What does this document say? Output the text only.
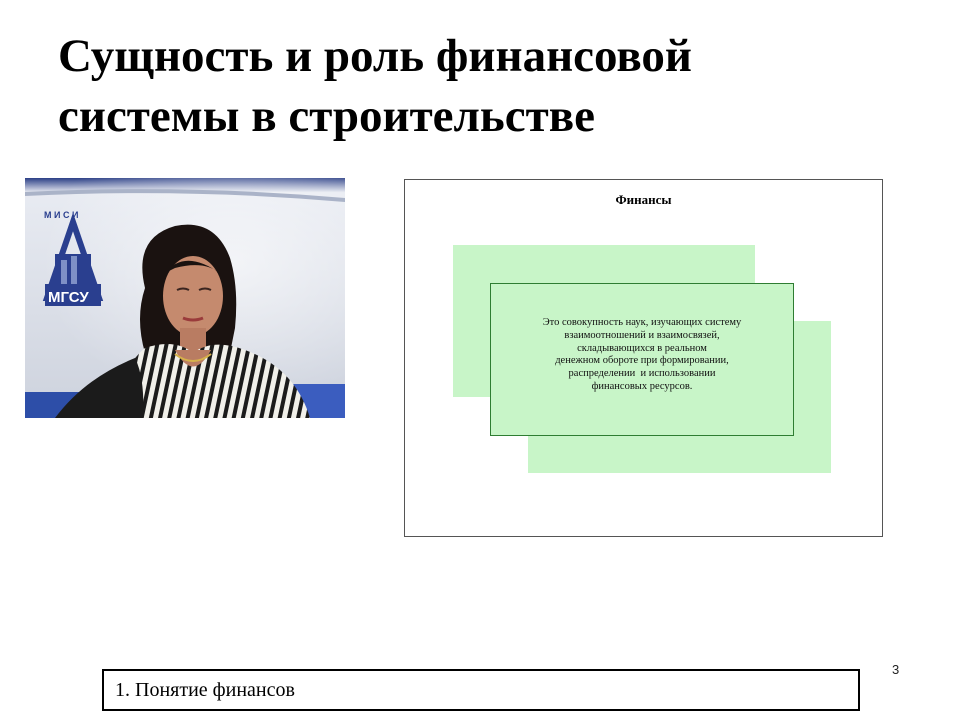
Сущность и роль финансовой
системы в строительстве
М И С И
МГСУ
Финансы
Это совокупность наук, изучающих систему
взаимоотношений и взаимосвязей,
складывающихся в реальном
денежном обороте при формировании,
распределении  и использовании
финансовых ресурсов.
3
1. Понятие финансов
